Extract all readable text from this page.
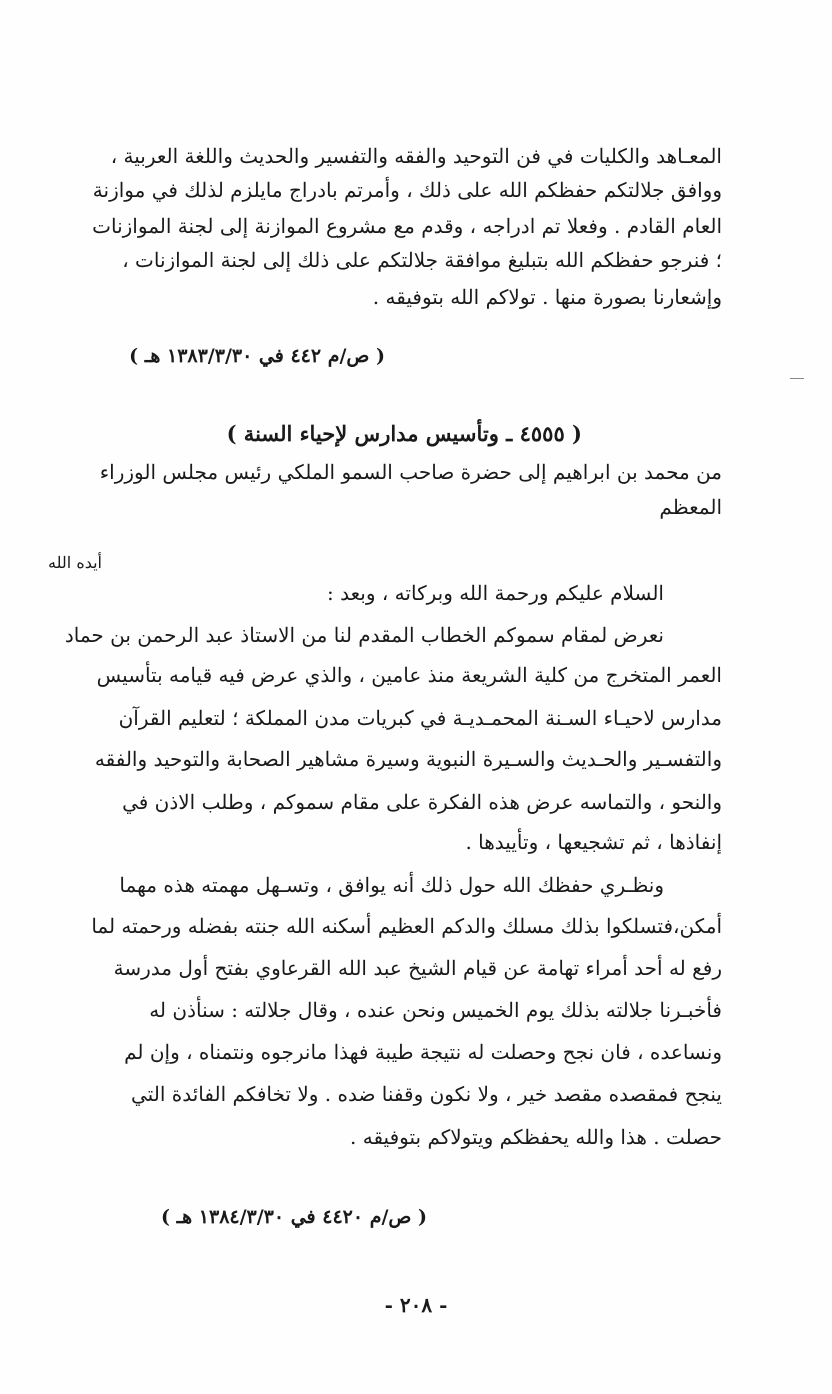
المعـاهد والكليات في فن التوحيد والفقه والتفسير والحديث واللغة العربية ،
ووافق جلالتكم حفظكم الله على ذلك ، وأمرتم بادراج مايلزم لذلك في موازنة
العام القادم . وفعلا تم ادراجه ، وقدم مع مشروع الموازنة إلى لجنة الموازنات
؛ فنرجو حفظكم الله بتبليغ موافقة جلالتكم على ذلك إلى لجنة الموازنات ،
وإشعارنا بصورة منها . تولاكم الله بتوفيقه .
( ص/م ٤٤٢ في ١٣٨٣/٣/٣٠ هـ )
( ٤٥٥٥ ـ وتأسيس مدارس لإحياء السنة )
من محمد بن ابراهيم إلى حضرة صاحب السمو الملكي رئيس مجلس الوزراء
المعظم
أيده الله
السلام عليكم ورحمة الله وبركاته ، وبعد :
نعرض لمقام سموكم الخطاب المقدم لنا من الاستاذ عبد الرحمن بن حماد
العمر المتخرج من كلية الشريعة منذ عامين ، والذي عرض فيه قيامه بتأسيس
مدارس لاحيـاء السـنة المحمـديـة في كبريات مدن المملكة ؛ لتعليم القرآن
والتفسـير والحـديث والسـيرة النبوية وسيرة مشاهير الصحابة والتوحيد والفقه
والنحو ، والتماسه عرض هذه الفكرة على مقام سموكم ، وطلب الاذن في
إنفاذها ، ثم تشجيعها ، وتأييدها .
ونظـري حفظك الله حول ذلك أنه يوافق ، وتسـهل مهمته هذه مهما
أمكن،فتسلكوا بذلك مسلك والدكم العظيم أسكنه الله جنته بفضله ورحمته لما
رفع له أحد أمراء تهامة عن قيام الشيخ عبد الله القرعاوي بفتح أول مدرسة
فأخبـرنا جلالته بذلك يوم الخميس ونحن عنده ، وقال جلالته : سنأذن له
ونساعده ، فان نجح وحصلت له نتيجة طيبة فهذا مانرجوه ونتمناه ، وإن لم
ينجح فمقصده مقصد خير ، ولا نكون وقفنا ضده . ولا تخافكم الفائدة التي
حصلت . هذا والله يحفظكم ويتولاكم بتوفيقه .
( ص/م ٤٤٢٠ في ١٣٨٤/٣/٣٠ هـ )
- ٢٠٨ -
